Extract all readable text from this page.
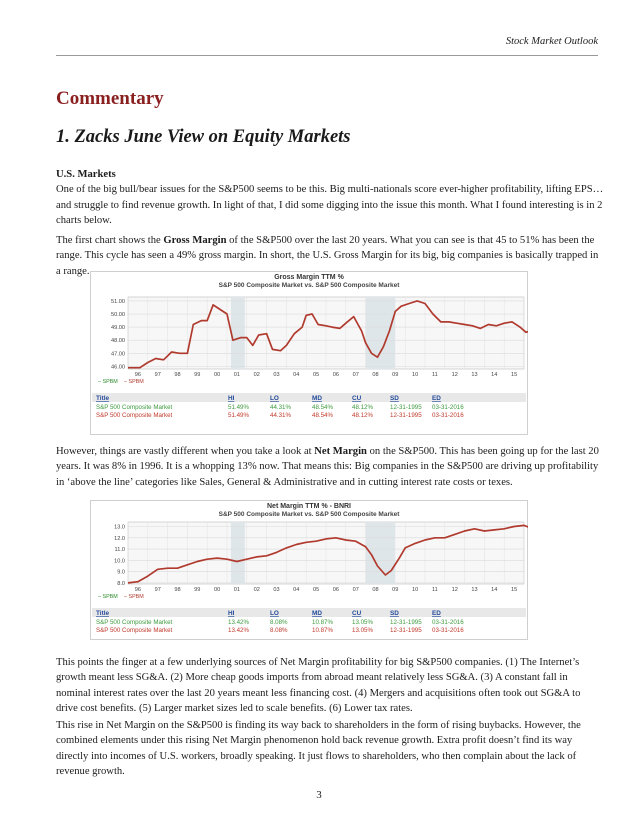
Stock Market Outlook
Commentary
1. Zacks June View on Equity Markets
U.S. Markets
One of the big bull/bear issues for the S&P500 seems to be this. Big multi-nationals score ever-higher profitability, lifting EPS… and struggle to find revenue growth. In light of that, I did some digging into the issue this month. What I found interesting is in 2 charts below.
The first chart shows the Gross Margin of the S&P500 over the last 20 years. What you can see is that 45 to 51% has been the range. This cycle has seen a 49% gross margin. In short, the U.S. Gross Margin for its big, big companies is basically trapped in a range.
Gross Margin TTM %
S&P 500 Composite Market vs. S&P 500 Composite Market
46.00
47.00
48.00
49.00
50.00
51.00
96 97 98 99 00 01 02 03 04 05 06 07 08 09 10 11 12 13 14 15
– SPBM – SPBM
Title	HI	LO	MD	CU	SD	ED
S&P 500 Composite Market	51.49%	44.31%	48.54%	48.12%	12-31-1995 03-31-2016
S&P 500 Composite Market	51.49%	44.31%	48.54%	48.12%	12-31-1995 03-31-2016
However, things are vastly different when you take a look at Net Margin on the S&P500. This has been going up for the last 20 years. It was 8% in 1996. It is a whopping 13% now. That means this: Big companies in the S&P500 are driving up profitability in ‘above the line’ categories like Sales, General & Administrative and in cutting interest rate costs or texes.
Net Margin TTM % - BNRI
S&P 500 Composite Market vs. S&P 500 Composite Market
8.0
9.0
10.0
11.0
12.0
13.0
96 97 98 99 00 01 02 03 04 05 06 07 08 09 10 11 12 13 14 15
– SPBM – SPBM
Title	HI	LO	MD	CU	SD	ED
S&P 500 Composite Market	13.42%	8.08%	10.87%	13.05%	12-31-1995 03-31-2016
S&P 500 Composite Market	13.42%	8.08%	10.87%	13.05%	12-31-1995 03-31-2016
This points the finger at a few underlying sources of Net Margin profitability for big S&P500 companies. (1) The Internet’s growth meant less SG&A. (2) More cheap goods imports from abroad meant relatively less SG&A. (3) A constant fall in nominal interest rates over the last 20 years meant less financing cost. (4) Mergers and acquisitions often took out SG&A to drive cost benefits. (5) Larger market sizes led to scale benefits. (6) Lower tax rates.
This rise in Net Margin on the S&P500 is finding its way back to shareholders in the form of rising buybacks. However, the combined elements under this rising Net Margin phenomenon hold back revenue growth. Extra profit doesn’t find its way directly into incomes of U.S. workers, broadly speaking. It just flows to shareholders, who then complain about the lack of revenue growth.
3
